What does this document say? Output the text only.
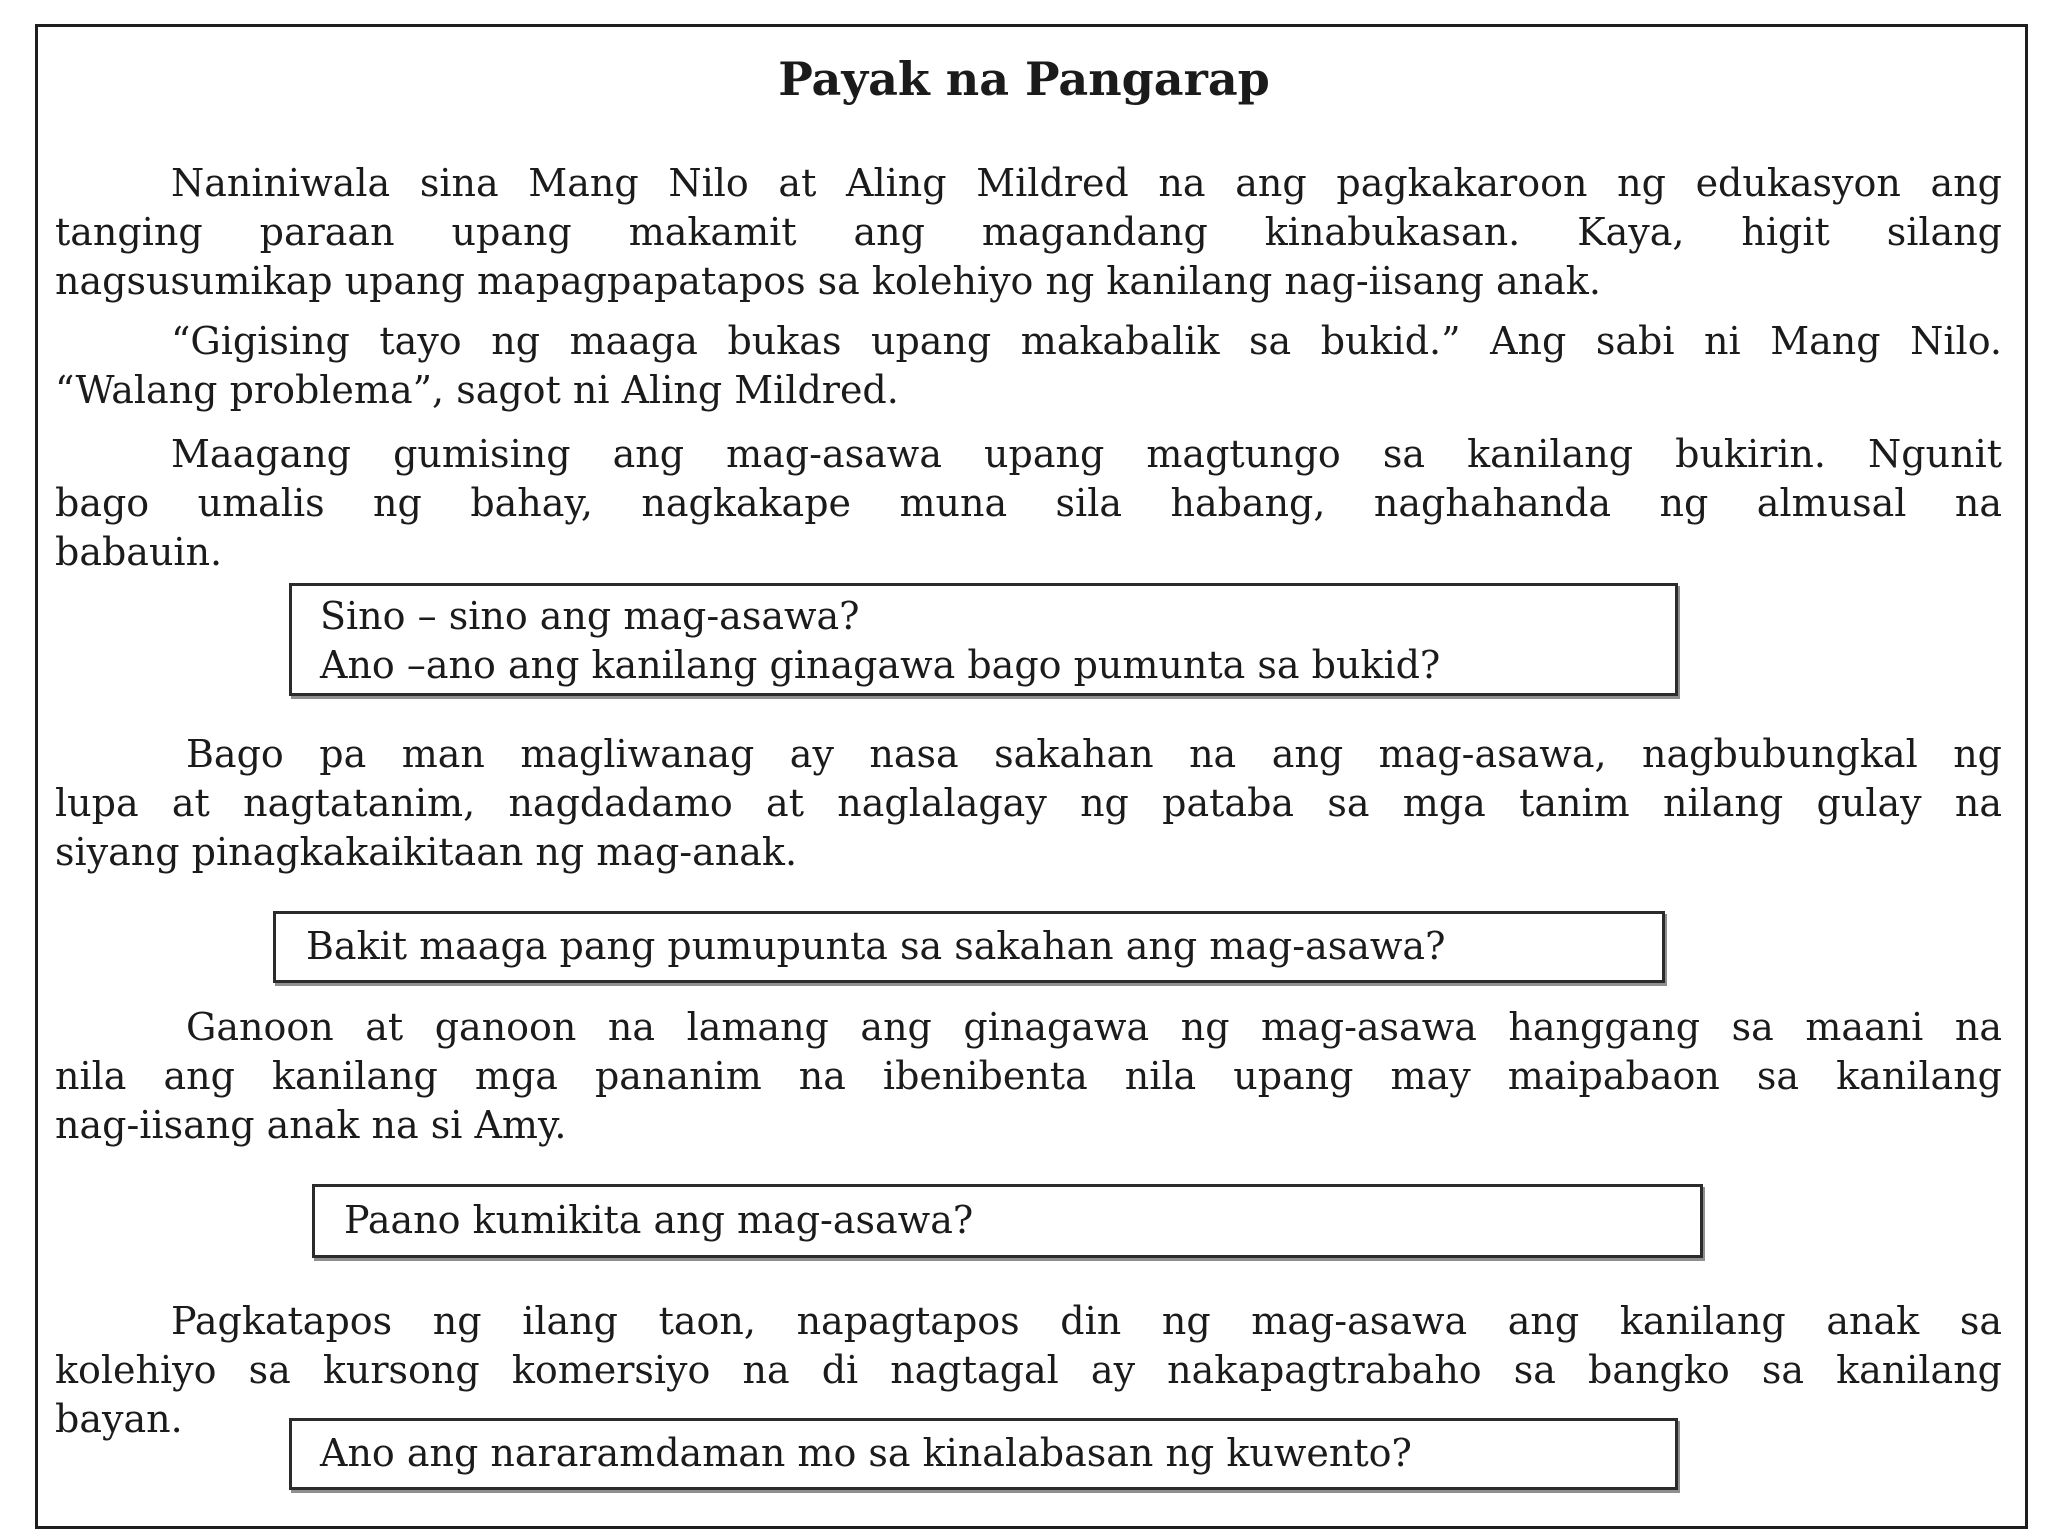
Payak na Pangarap
Naniniwala sina Mang Nilo at Aling Mildred na ang pagkakaroon ng edukasyon ang
tanging paraan upang makamit ang magandang kinabukasan. Kaya, higit silang
nagsusumikap upang mapagpapatapos sa kolehiyo ng kanilang nag-iisang anak.
“Gigising tayo ng maaga bukas upang makabalik sa bukid.” Ang sabi ni Mang Nilo.
“Walang problema”, sagot ni Aling Mildred.
Maagang gumising ang mag-asawa upang magtungo sa kanilang bukirin. Ngunit
bago umalis ng bahay, nagkakape muna sila habang, naghahanda ng almusal na
babauin.
Sino – sino ang mag-asawa?
Ano –ano ang kanilang ginagawa bago pumunta sa bukid?
Bago pa man magliwanag ay nasa sakahan na ang mag-asawa, nagbubungkal ng
lupa at nagtatanim, nagdadamo at naglalagay ng pataba sa mga tanim nilang gulay na
siyang pinagkakaikitaan ng mag-anak.
Bakit maaga pang pumupunta sa sakahan ang mag-asawa?
Ganoon at ganoon na lamang ang ginagawa ng mag-asawa hanggang sa maani na
nila ang kanilang mga pananim na ibenibenta nila upang may maipabaon sa kanilang
nag-iisang anak na si Amy.
Paano kumikita ang mag-asawa?
Pagkatapos ng ilang taon, napagtapos din ng mag-asawa ang kanilang anak sa
kolehiyo sa kursong komersiyo na di nagtagal ay nakapagtrabaho sa bangko sa kanilang
bayan.
Ano ang nararamdaman mo sa kinalabasan ng kuwento?
